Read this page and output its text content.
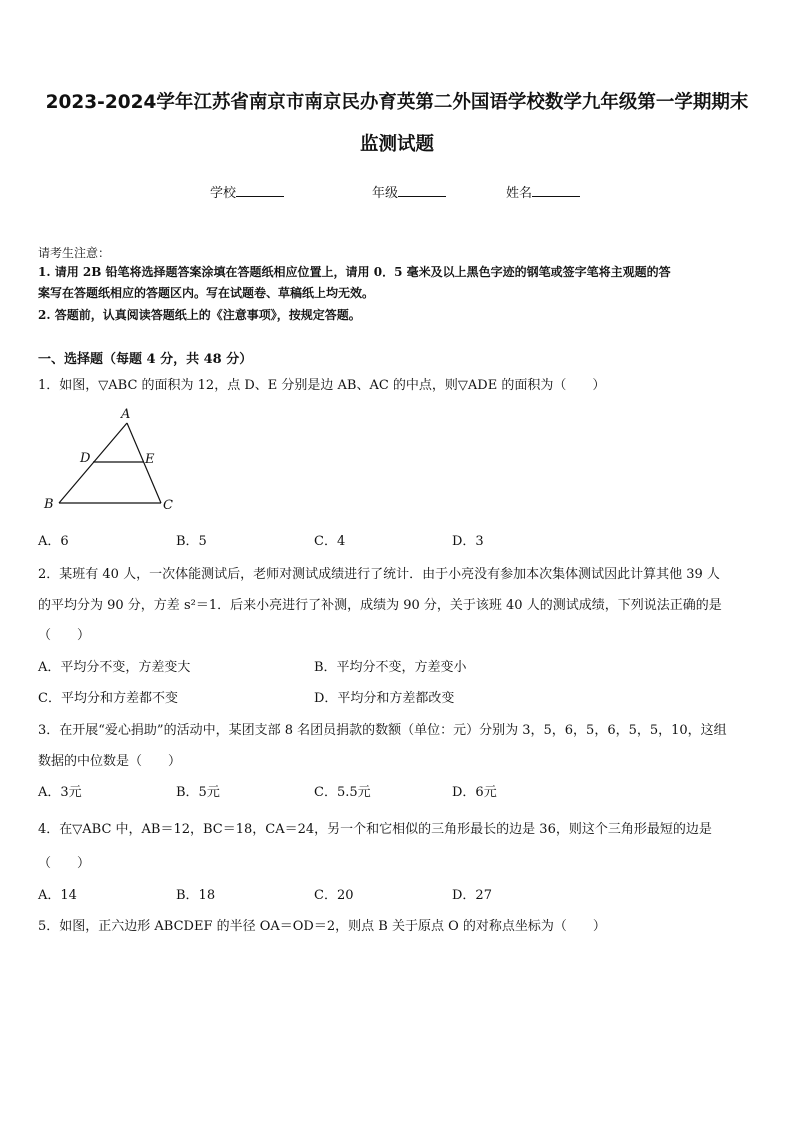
2023-2024学年江苏省南京市南京民办育英第二外国语学校数学九年级第一学期期末
监测试题
学校	年级	姓名
请考生注意：
1. 请用 2B 铅笔将选择题答案涂填在答题纸相应位置上，请用 0．5 毫米及以上黑色字迹的钢笔或签字笔将主观题的答
案写在答题纸相应的答题区内。写在试题卷、草稿纸上均无效。
2. 答题前，认真阅读答题纸上的《注意事项》，按规定答题。
一、选择题（每题 4 分，共 48 分）
1．如图，▽ABC 的面积为 12，点 D、E 分别是边 AB、AC 的中点，则▽ADE 的面积为（　　）
A
D	E
B	C
A．6	B．5	C．4	D．3
2．某班有 40 人，一次体能测试后，老师对测试成绩进行了统计．由于小亮没有参加本次集体测试因此计算其他 39 人
的平均分为 90 分，方差 s²＝1．后来小亮进行了补测，成绩为 90 分，关于该班 40 人的测试成绩，下列说法正确的是
（　　）
A．平均分不变，方差变大	B．平均分不变，方差变小
C．平均分和方差都不变	D．平均分和方差都改变
3．在开展“爱心捐助”的活动中，某团支部 8 名团员捐款的数额（单位：元）分别为 3，5，6，5，6，5，5，10，这组
数据的中位数是（　　）
A．3元	B．5元	C．5.5元	D．6元
4．在▽ABC 中，AB＝12，BC＝18，CA＝24，另一个和它相似的三角形最长的边是 36，则这个三角形最短的边是
（　　）
A．14	B．18	C．20	D．27
5．如图，正六边形 ABCDEF 的半径 OA＝OD＝2，则点 B 关于原点 O 的对称点坐标为（　　）
